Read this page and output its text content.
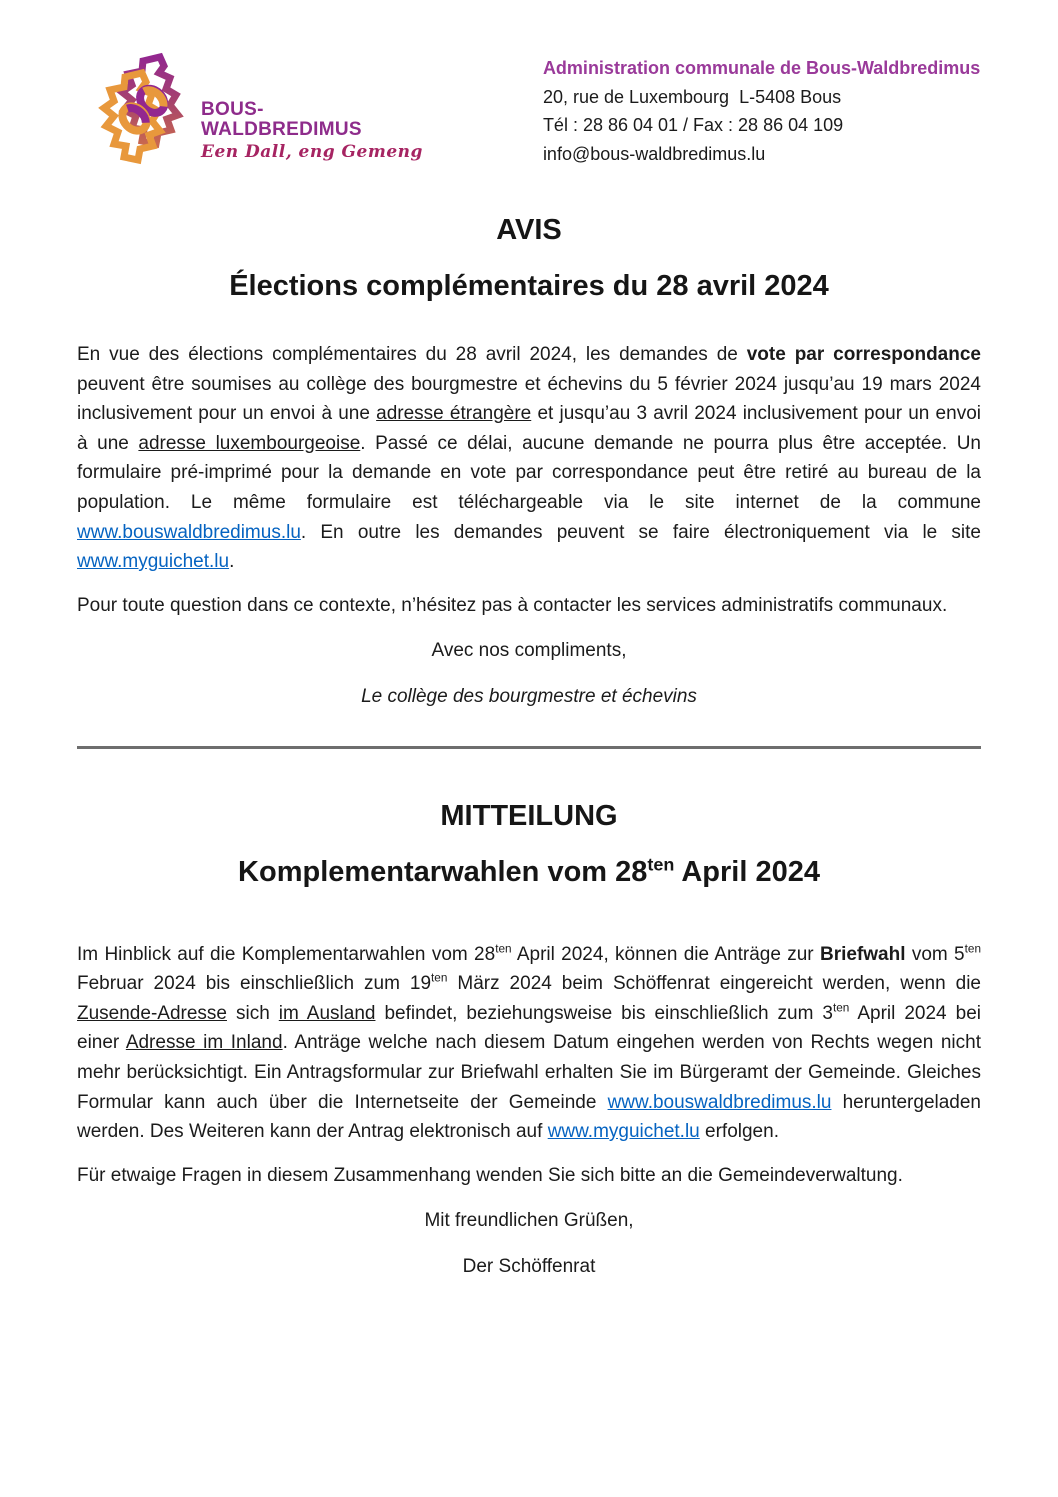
BOUS-
WALDBREDIMUS
Een Dall, eng Gemeng
Administration communale de Bous-Waldbredimus
20, rue de Luxembourg  L-5408 Bous
Tél : 28 86 04 01 / Fax : 28 86 04 109
info@bous-waldbredimus.lu
AVIS
Élections complémentaires du 28 avril 2024

En vue des élections complémentaires du 28 avril 2024, les demandes de vote par correspondance peuvent être soumises au collège des bourgmestre et échevins du 5 février 2024 jusqu’au 19 mars 2024 inclusivement pour un envoi à une adresse étrangère et jusqu’au 3 avril 2024 inclusivement pour un envoi à une adresse luxembourgeoise. Passé ce délai, aucune demande ne pourra plus être acceptée. Un formulaire pré-imprimé pour la demande en vote par correspondance peut être retiré au bureau de la population. Le même formulaire est téléchargeable via le site internet de la commune www.bouswaldbredimus.lu. En outre les demandes peuvent se faire électroniquement via le site www.myguichet.lu.

Pour toute question dans ce contexte, n’hésitez pas à contacter les services administratifs communaux.

Avec nos compliments,

Le collège des bourgmestre et échevins

MITTEILUNG
Komplementarwahlen vom $28^{ten}$ April 2024

Im Hinblick auf die Komplementarwahlen vom $28^{ten}$ April 2024, können die Anträge zur Briefwahl vom $5^{ten}$ Februar 2024 bis einschließlich zum $19^{ten}$ März 2024 beim Schöffenrat eingereicht werden, wenn die Zusende-Adresse sich im Ausland befindet, beziehungsweise bis einschließlich zum $3^{ten}$ April 2024 bei einer Adresse im Inland. Anträge welche nach diesem Datum eingehen werden von Rechts wegen nicht mehr berücksichtigt. Ein Antragsformular zur Briefwahl erhalten Sie im Bürgeramt der Gemeinde. Gleiches Formular kann auch über die Internetseite der Gemeinde www.bouswaldbredimus.lu heruntergeladen werden. Des Weiteren kann der Antrag elektronisch auf www.myguichet.lu erfolgen.

Für etwaige Fragen in diesem Zusammenhang wenden Sie sich bitte an die Gemeindeverwaltung.

Mit freundlichen Grüßen,

Der Schöffenrat
